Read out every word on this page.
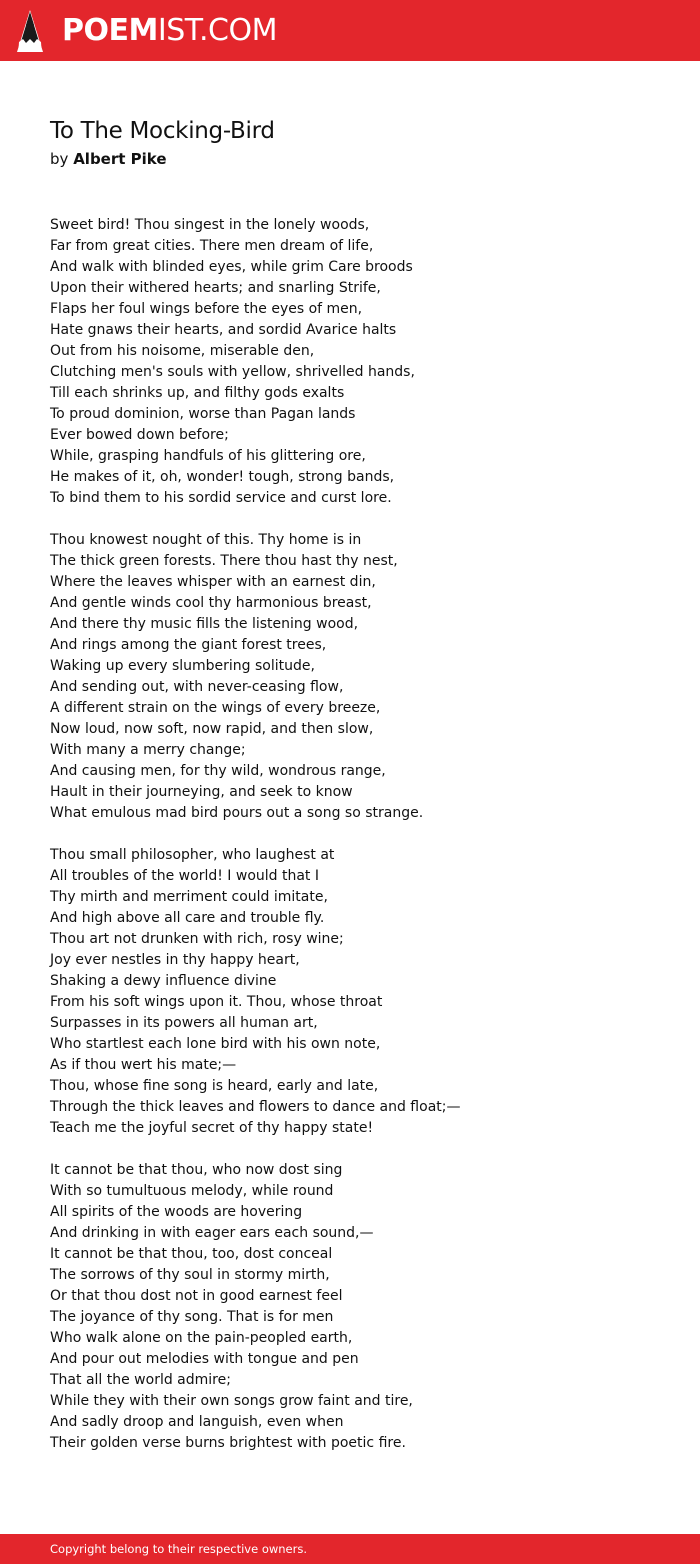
POEMIST.COM
To The Mocking-Bird
by Albert Pike
Sweet bird! Thou singest in the lonely woods,
Far from great cities. There men dream of life,
And walk with blinded eyes, while grim Care broods
Upon their withered hearts; and snarling Strife,
Flaps her foul wings before the eyes of men,
Hate gnaws their hearts, and sordid Avarice halts
Out from his noisome, miserable den,
Clutching men's souls with yellow, shrivelled hands,
Till each shrinks up, and filthy gods exalts
To proud dominion, worse than Pagan lands
Ever bowed down before;
While, grasping handfuls of his glittering ore,
He makes of it, oh, wonder! tough, strong bands,
To bind them to his sordid service and curst lore.
Thou knowest nought of this. Thy home is in
The thick green forests. There thou hast thy nest,
Where the leaves whisper with an earnest din,
And gentle winds cool thy harmonious breast,
And there thy music fills the listening wood,
And rings among the giant forest trees,
Waking up every slumbering solitude,
And sending out, with never-ceasing flow,
A different strain on the wings of every breeze,
Now loud, now soft, now rapid, and then slow,
With many a merry change;
And causing men, for thy wild, wondrous range,
Hault in their journeying, and seek to know
What emulous mad bird pours out a song so strange.
Thou small philosopher, who laughest at
All troubles of the world! I would that I
Thy mirth and merriment could imitate,
And high above all care and trouble fly.
Thou art not drunken with rich, rosy wine;
Joy ever nestles in thy happy heart,
Shaking a dewy influence divine
From his soft wings upon it. Thou, whose throat
Surpasses in its powers all human art,
Who startlest each lone bird with his own note,
As if thou wert his mate;—
Thou, whose fine song is heard, early and late,
Through the thick leaves and flowers to dance and float;—
Teach me the joyful secret of thy happy state!
It cannot be that thou, who now dost sing
With so tumultuous melody, while round
All spirits of the woods are hovering
And drinking in with eager ears each sound,—
It cannot be that thou, too, dost conceal
The sorrows of thy soul in stormy mirth,
Or that thou dost not in good earnest feel
The joyance of thy song. That is for men
Who walk alone on the pain-peopled earth,
And pour out melodies with tongue and pen
That all the world admire;
While they with their own songs grow faint and tire,
And sadly droop and languish, even when
Their golden verse burns brightest with poetic fire.
Copyright belong to their respective owners.
